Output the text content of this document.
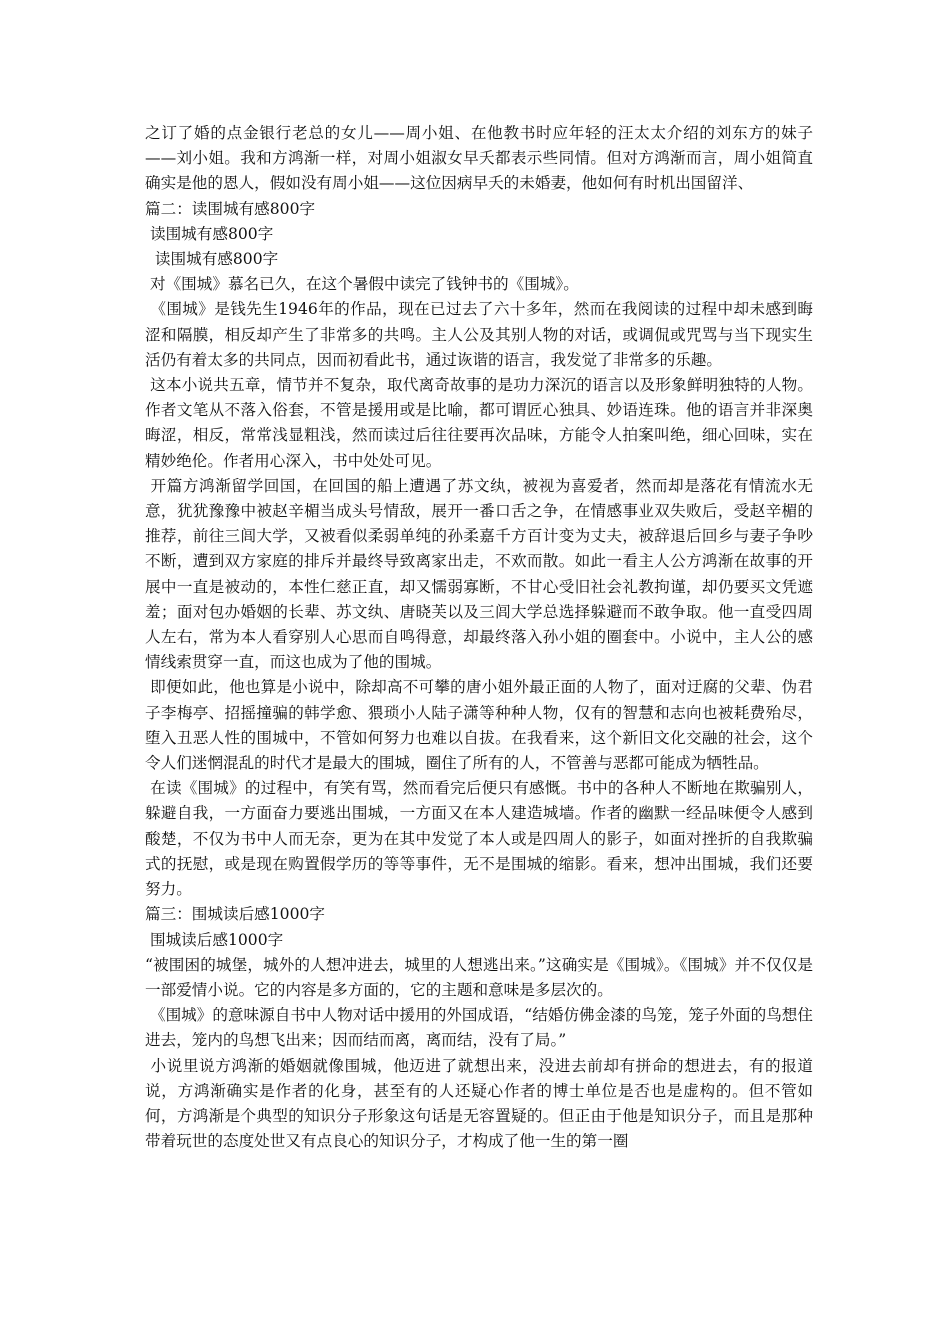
之订了婚的点金银行老总的女儿——周小姐、在他教书时应年轻的汪太太介绍的刘东方的妹子——刘小姐。我和方鸿渐一样，对周小姐淑女早夭都表示些同情。但对方鸿渐而言，周小姐简直确实是他的恩人，假如没有周小姐——这位因病早夭的未婚妻，他如何有时机出国留洋、

篇二：读围城有感800字

读围城有感800字

读围城有感800字

对《围城》慕名已久，在这个暑假中读完了钱钟书的《围城》。

《围城》是钱先生1946年的作品，现在已过去了六十多年，然而在我阅读的过程中却未感到晦涩和隔膜，相反却产生了非常多的共鸣。主人公及其别人物的对话，或调侃或咒骂与当下现实生活仍有着太多的共同点，因而初看此书，通过诙谐的语言，我发觉了非常多的乐趣。

这本小说共五章，情节并不复杂，取代离奇故事的是功力深沉的语言以及形象鲜明独特的人物。作者文笔从不落入俗套，不管是援用或是比喻，都可谓匠心独具、妙语连珠。他的语言并非深奥晦涩，相反，常常浅显粗浅，然而读过后往往要再次品味，方能令人拍案叫绝，细心回味，实在精妙绝伦。作者用心深入，书中处处可见。

开篇方鸿渐留学回国，在回国的船上遭遇了苏文纨，被视为喜爱者，然而却是落花有情流水无意，犹犹豫豫中被赵辛楣当成头号情敌，展开一番口舌之争，在情感事业双失败后，受赵辛楣的推荐，前往三闾大学，又被看似柔弱单纯的孙柔嘉千方百计变为丈夫，被辞退后回乡与妻子争吵不断，遭到双方家庭的排斥并最终导致离家出走，不欢而散。如此一看主人公方鸿渐在故事的开展中一直是被动的，本性仁慈正直，却又懦弱寡断，不甘心受旧社会礼教拘谨，却仍要买文凭遮羞；面对包办婚姻的长辈、苏文纨、唐晓芙以及三闾大学总选择躲避而不敢争取。他一直受四周人左右，常为本人看穿别人心思而自鸣得意，却最终落入孙小姐的圈套中。小说中，主人公的感情线索贯穿一直，而这也成为了他的围城。

即便如此，他也算是小说中，除却高不可攀的唐小姐外最正面的人物了，面对迂腐的父辈、伪君子李梅亭、招摇撞骗的韩学愈、猥琐小人陆子潇等种种人物，仅有的智慧和志向也被耗费殆尽，堕入丑恶人性的围城中，不管如何努力也难以自拔。在我看来，这个新旧文化交融的社会，这个令人们迷惘混乱的时代才是最大的围城，圈住了所有的人，不管善与恶都可能成为牺牲品。

在读《围城》的过程中，有笑有骂，然而看完后便只有感慨。书中的各种人不断地在欺骗别人，躲避自我，一方面奋力要逃出围城，一方面又在本人建造城墙。作者的幽默一经品味便令人感到酸楚，不仅为书中人而无奈，更为在其中发觉了本人或是四周人的影子，如面对挫折的自我欺骗式的抚慰，或是现在购置假学历的等等事件，无不是围城的缩影。看来，想冲出围城，我们还要努力。

篇三：围城读后感1000字

围城读后感1000字

“被围困的城堡，城外的人想冲进去，城里的人想逃出来。”这确实是《围城》。《围城》并不仅仅是一部爱情小说。它的内容是多方面的，它的主题和意味是多层次的。

《围城》的意味源自书中人物对话中援用的外国成语，“结婚仿佛金漆的鸟笼，笼子外面的鸟想住进去，笼内的鸟想飞出来；因而结而离，离而结，没有了局。”

小说里说方鸿渐的婚姻就像围城，他迈进了就想出来，没进去前却有拼命的想进去，有的报道说，方鸿渐确实是作者的化身，甚至有的人还疑心作者的博士单位是否也是虚构的。但不管如何，方鸿渐是个典型的知识分子形象这句话是无容置疑的。但正由于他是知识分子，而且是那种带着玩世的态度处世又有点良心的知识分子，才构成了他一生的第一圈
